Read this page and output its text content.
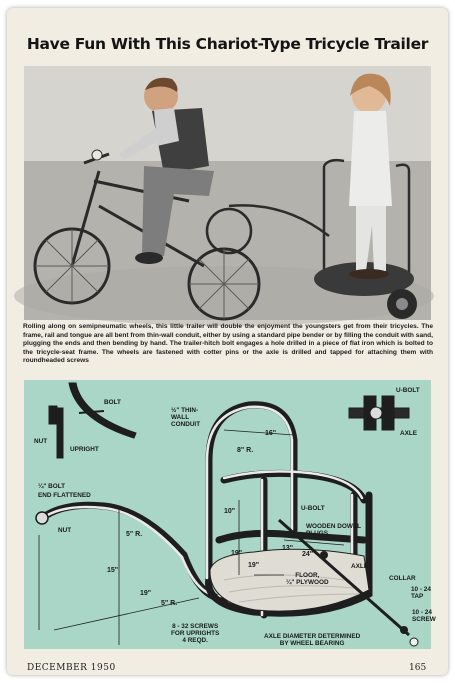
Have Fun With This Chariot-Type Tricycle Trailer
Rolling along on semipneumatic wheels, this little trailer will double the enjoyment the youngsters get from their tricycles. The frame, rail and tongue are all bent from thin-wall conduit, either by using a standard pipe bender or by filling the conduit with sand, plugging the ends and then bending by hand. The trailer-hitch bolt engages a hole drilled in a piece of flat iron which is bolted to the tricycle-seat frame. The wheels are fastened with cotter pins or the axle is drilled and tapped for attaching them with roundheaded screws
BOLT
NUT
UPRIGHT
½" THIN-
WALL
CONDUIT
U-BOLT
AXLE
¼" BOLT
END FLATTENED
NUT
U-BOLT
WOODEN DOWEL
PLUGS
AXLE
FLOOR,
¼" PLYWOOD
COLLAR
10 - 24
TAP
10 - 24
SCREW
8 - 32 SCREWS
FOR UPRIGHTS
4 REQD.
AXLE DIAMETER DETERMINED
BY WHEEL BEARING
16"
8" R.
10"
5" R.
15"
19"
13"
19"
24"
5" R.
19"
DECEMBER 1950	165
